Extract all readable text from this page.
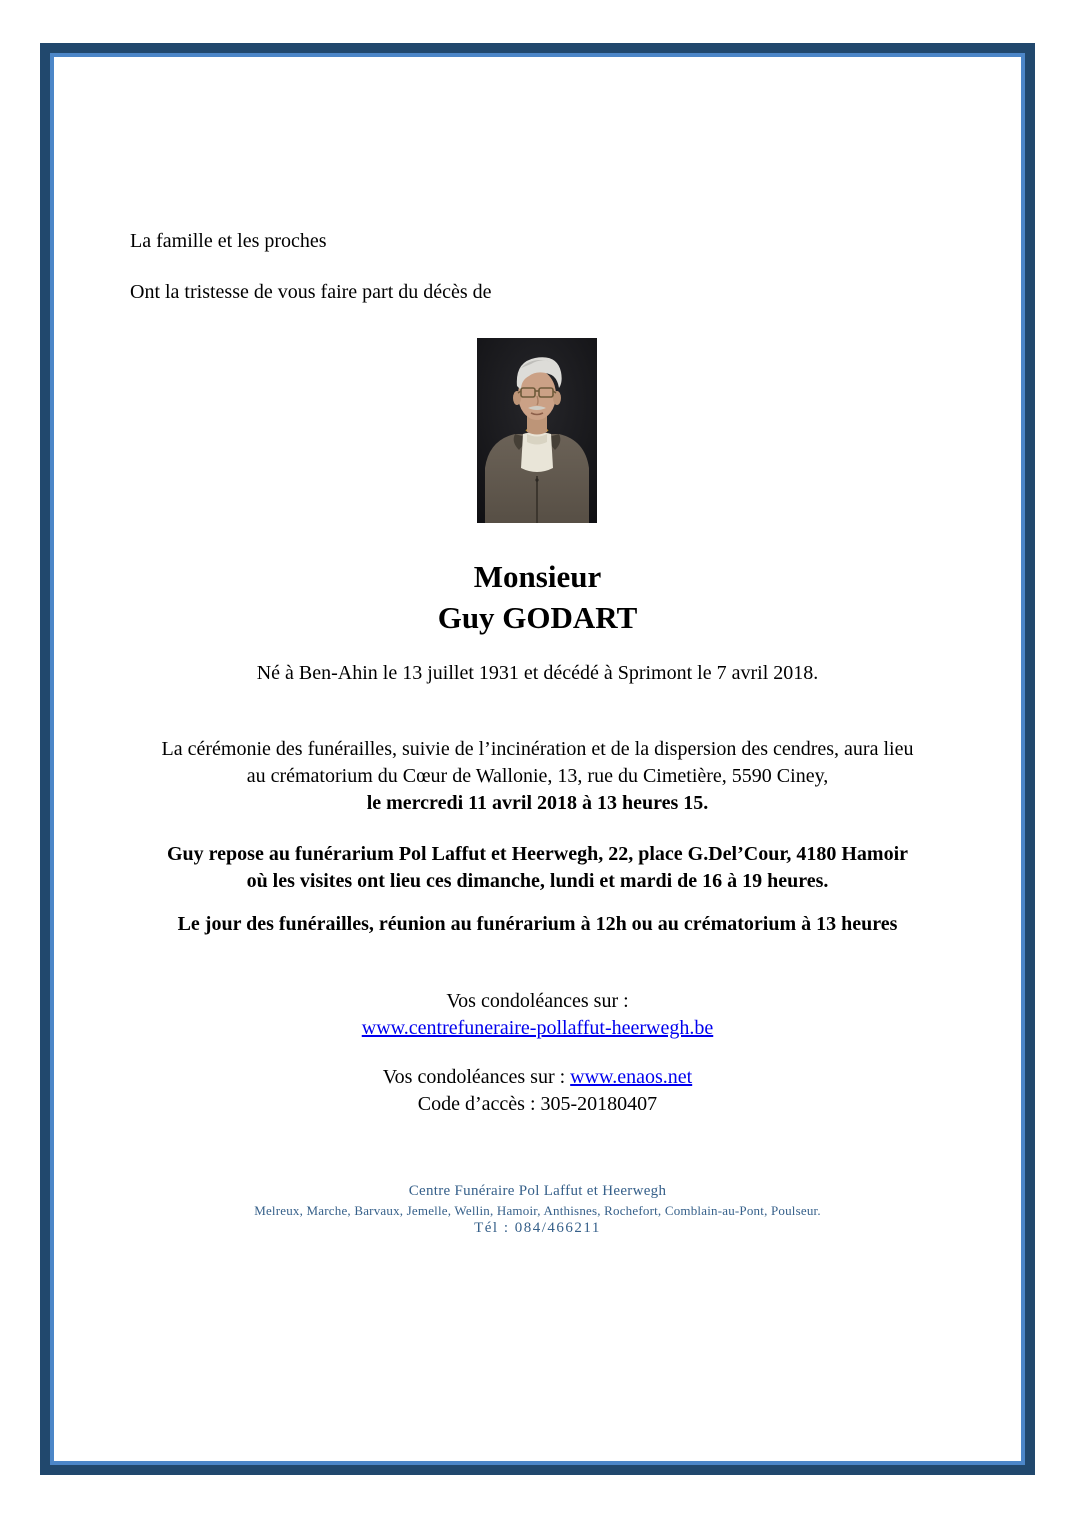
La famille et les proches
Ont la tristesse de vous faire part du décès de
Monsieur
Guy GODART
Né à Ben-Ahin le 13 juillet 1931 et décédé à Sprimont le 7 avril 2018.
La cérémonie des funérailles, suivie de l’incinération et de la dispersion des cendres, aura lieu
au crématorium du Cœur de Wallonie, 13, rue du Cimetière, 5590 Ciney,
le mercredi 11 avril 2018 à 13 heures 15.
Guy repose au funérarium Pol Laffut et Heerwegh, 22, place G.Del’Cour, 4180 Hamoir
où les visites ont lieu ces dimanche, lundi et mardi de 16 à 19 heures.
Le jour des funérailles, réunion au funérarium à 12h ou au crématorium à 13 heures
Vos condoléances sur :
www.centrefuneraire-pollaffut-heerwegh.be
Vos condoléances sur : www.enaos.net
Code d’accès : 305-20180407
Centre Funéraire Pol Laffut et Heerwegh
Melreux, Marche, Barvaux, Jemelle, Wellin, Hamoir, Anthisnes, Rochefort, Comblain-au-Pont, Poulseur.
Tél : 084/466211
